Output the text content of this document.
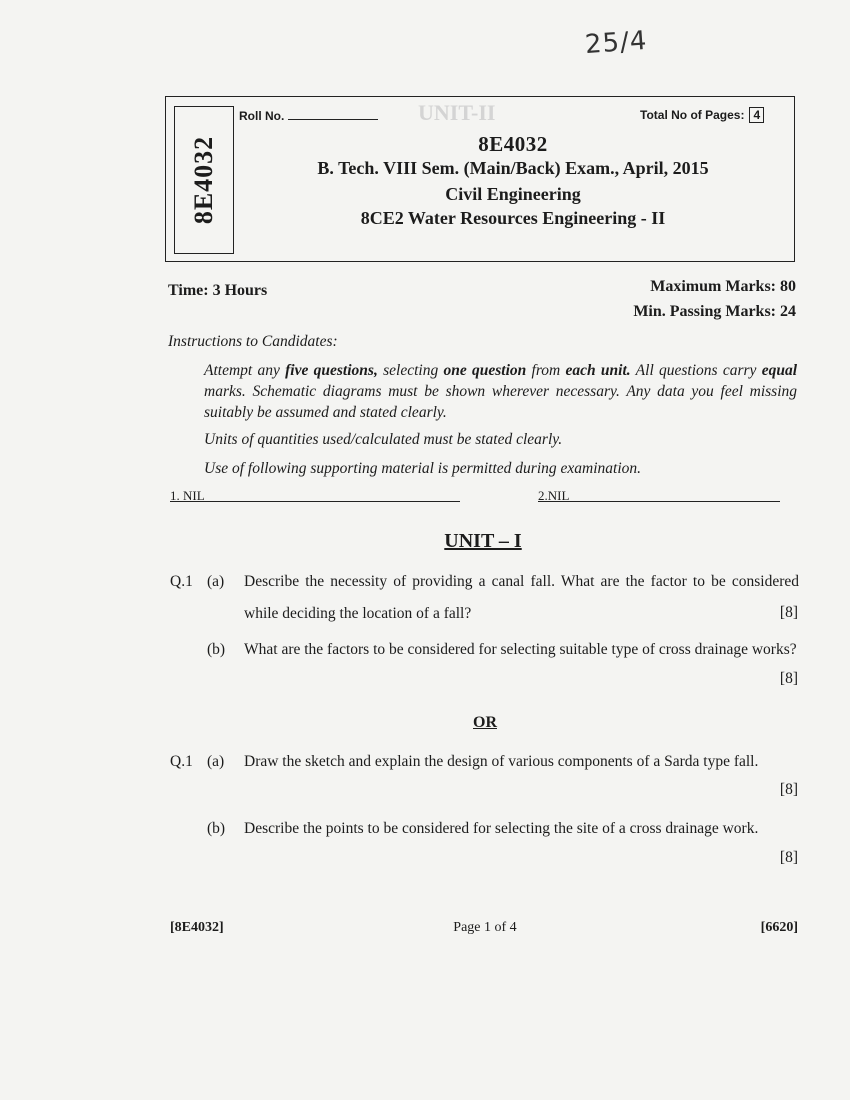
25/4
UNIT-II
8E4032
Roll No.	Total No of Pages: 4
8E4032
B. Tech. VIII Sem. (Main/Back) Exam., April, 2015
Civil Engineering
8CE2 Water Resources Engineering - II
Time: 3 Hours	Maximum Marks: 80
Min. Passing Marks: 24
Instructions to Candidates:
Attempt any five questions, selecting one question from each unit. All questions carry equal marks. Schematic diagrams must be shown wherever necessary. Any data you feel missing suitably be assumed and stated clearly.
Units of quantities used/calculated must be stated clearly.
Use of following supporting material is permitted during examination.
1. NIL	2.NIL
UNIT – I
Q.1 (a) Describe the necessity of providing a canal fall. What are the factor to be considered while deciding the location of a fall?	[8]
(b) What are the factors to be considered for selecting suitable type of cross drainage works?
[8]
OR
Q.1 (a) Draw the sketch and explain the design of various components of a Sarda type fall.
[8]
(b) Describe the points to be considered for selecting the site of a cross drainage work.
[8]
[8E4032]	Page 1 of 4	[6620]
